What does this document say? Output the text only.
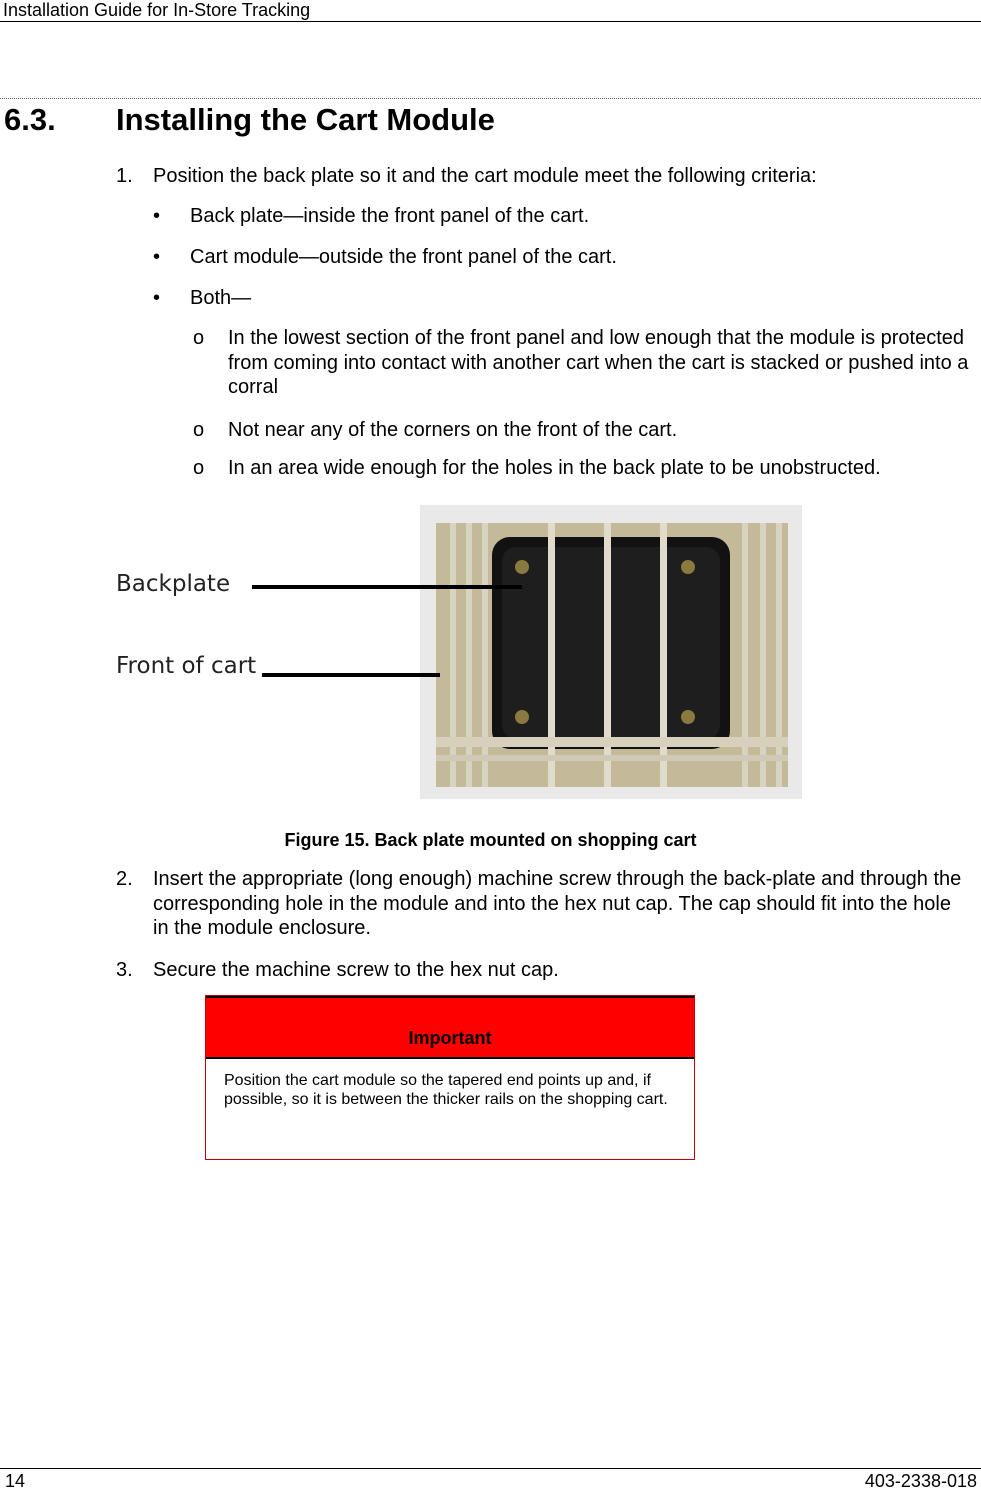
Installation Guide for In-Store Tracking
6.3. Installing the Cart Module
1. Position the back plate so it and the cart module meet the following criteria:
• Back plate—inside the front panel of the cart.
• Cart module—outside the front panel of the cart.
• Both—
o In the lowest section of the front panel and low enough that the module is protected from coming into contact with another cart when the cart is stacked or pushed into a corral
o Not near any of the corners on the front of the cart.
o In an area wide enough for the holes in the back plate to be unobstructed.
Backplate
Front of cart
Figure 15. Back plate mounted on shopping cart
2. Insert the appropriate (long enough) machine screw through the back-plate and through the corresponding hole in the module and into the hex nut cap. The cap should fit into the hole in the module enclosure.
3. Secure the machine screw to the hex nut cap.
Important
Position the cart module so the tapered end points up and, if possible, so it is between the thicker rails on the shopping cart.
14	403-2338-018
